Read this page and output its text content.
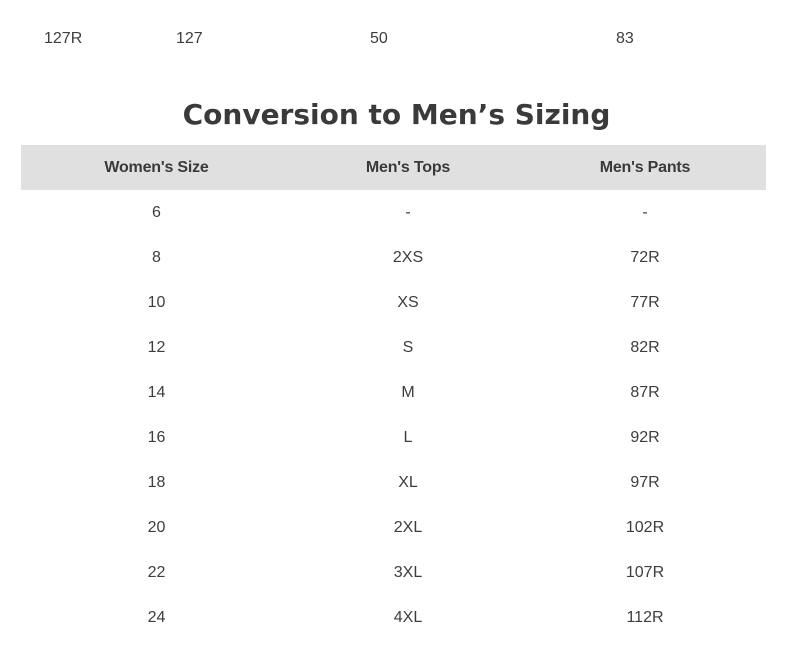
127R	127	50	83
Conversion to Men’s Sizing
Women's Size	Men's Tops	Men's Pants
6	-	-
8	2XS	72R
10	XS	77R
12	S	82R
14	M	87R
16	L	92R
18	XL	97R
20	2XL	102R
22	3XL	107R
24	4XL	112R
